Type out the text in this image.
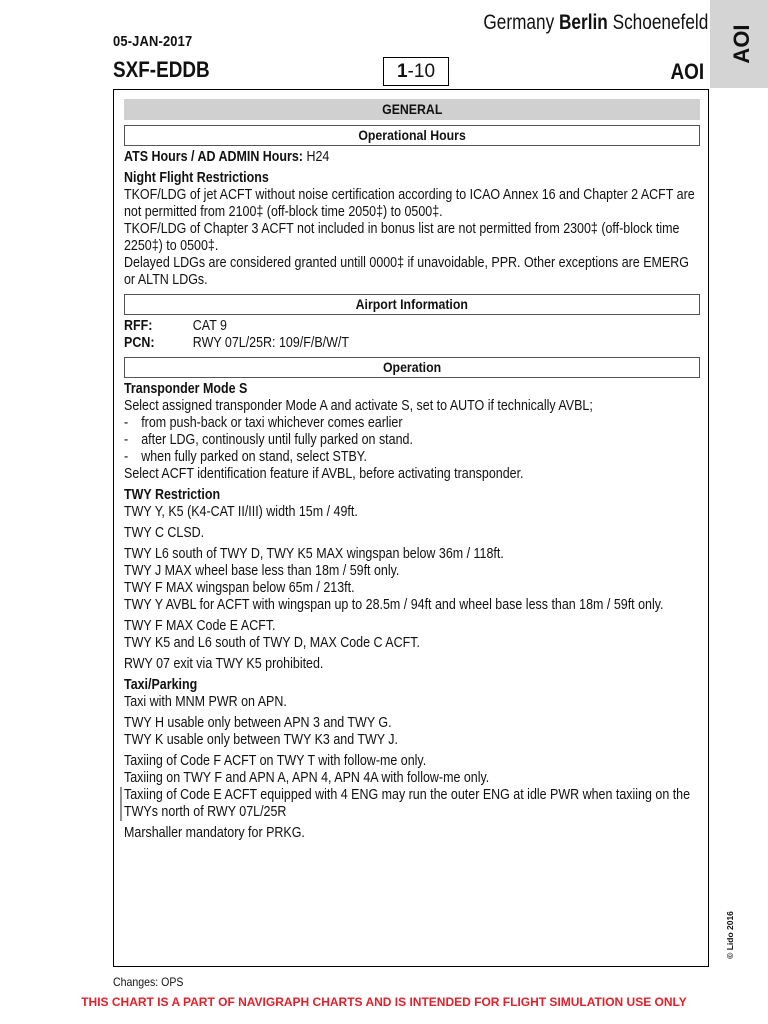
05-JAN-2017
SXF-EDDB
Germany Berlin Schoenefeld
1-10	AOI
AOI
GENERAL
Operational Hours
ATS Hours / AD ADMIN Hours: H24
Night Flight Restrictions
TKOF/LDG of jet ACFT without noise certification according to ICAO Annex 16 and Chapter 2 ACFT are not permitted from 2100‡ (off-block time 2050‡) to 0500‡.
TKOF/LDG of Chapter 3 ACFT not included in bonus list are not permitted from 2300‡ (off-block time 2250‡) to 0500‡.
Delayed LDGs are considered granted untill 0000‡ if unavoidable, PPR. Other exceptions are EMERG or ALTN LDGs.
Airport Information
RFF:	CAT 9
PCN:	RWY 07L/25R: 109/F/B/W/T
Operation
Transponder Mode S
Select assigned transponder Mode A and activate S, set to AUTO if technically AVBL;
- from push-back or taxi whichever comes earlier
- after LDG, continously until fully parked on stand.
- when fully parked on stand, select STBY.
Select ACFT identification feature if AVBL, before activating transponder.
TWY Restriction
TWY Y, K5 (K4-CAT II/III) width 15m / 49ft.
TWY C CLSD.
TWY L6 south of TWY D, TWY K5 MAX wingspan below 36m / 118ft.
TWY J MAX wheel base less than 18m / 59ft only.
TWY F MAX wingspan below 65m / 213ft.
TWY Y AVBL for ACFT with wingspan up to 28.5m / 94ft and wheel base less than 18m / 59ft only.
TWY F MAX Code E ACFT.
TWY K5 and L6 south of TWY D, MAX Code C ACFT.
RWY 07 exit via TWY K5 prohibited.
Taxi/Parking
Taxi with MNM PWR on APN.
TWY H usable only between APN 3 and TWY G.
TWY K usable only between TWY K3 and TWY J.
Taxiing of Code F ACFT on TWY T with follow-me only.
Taxiing on TWY F and APN A, APN 4, APN 4A with follow-me only.
Taxiing of Code E ACFT equipped with 4 ENG may run the outer ENG at idle PWR when taxiing on the TWYs north of RWY 07L/25R
Marshaller mandatory for PRKG.
© Lido 2016
Changes: OPS
THIS CHART IS A PART OF NAVIGRAPH CHARTS AND IS INTENDED FOR FLIGHT SIMULATION USE ONLY
